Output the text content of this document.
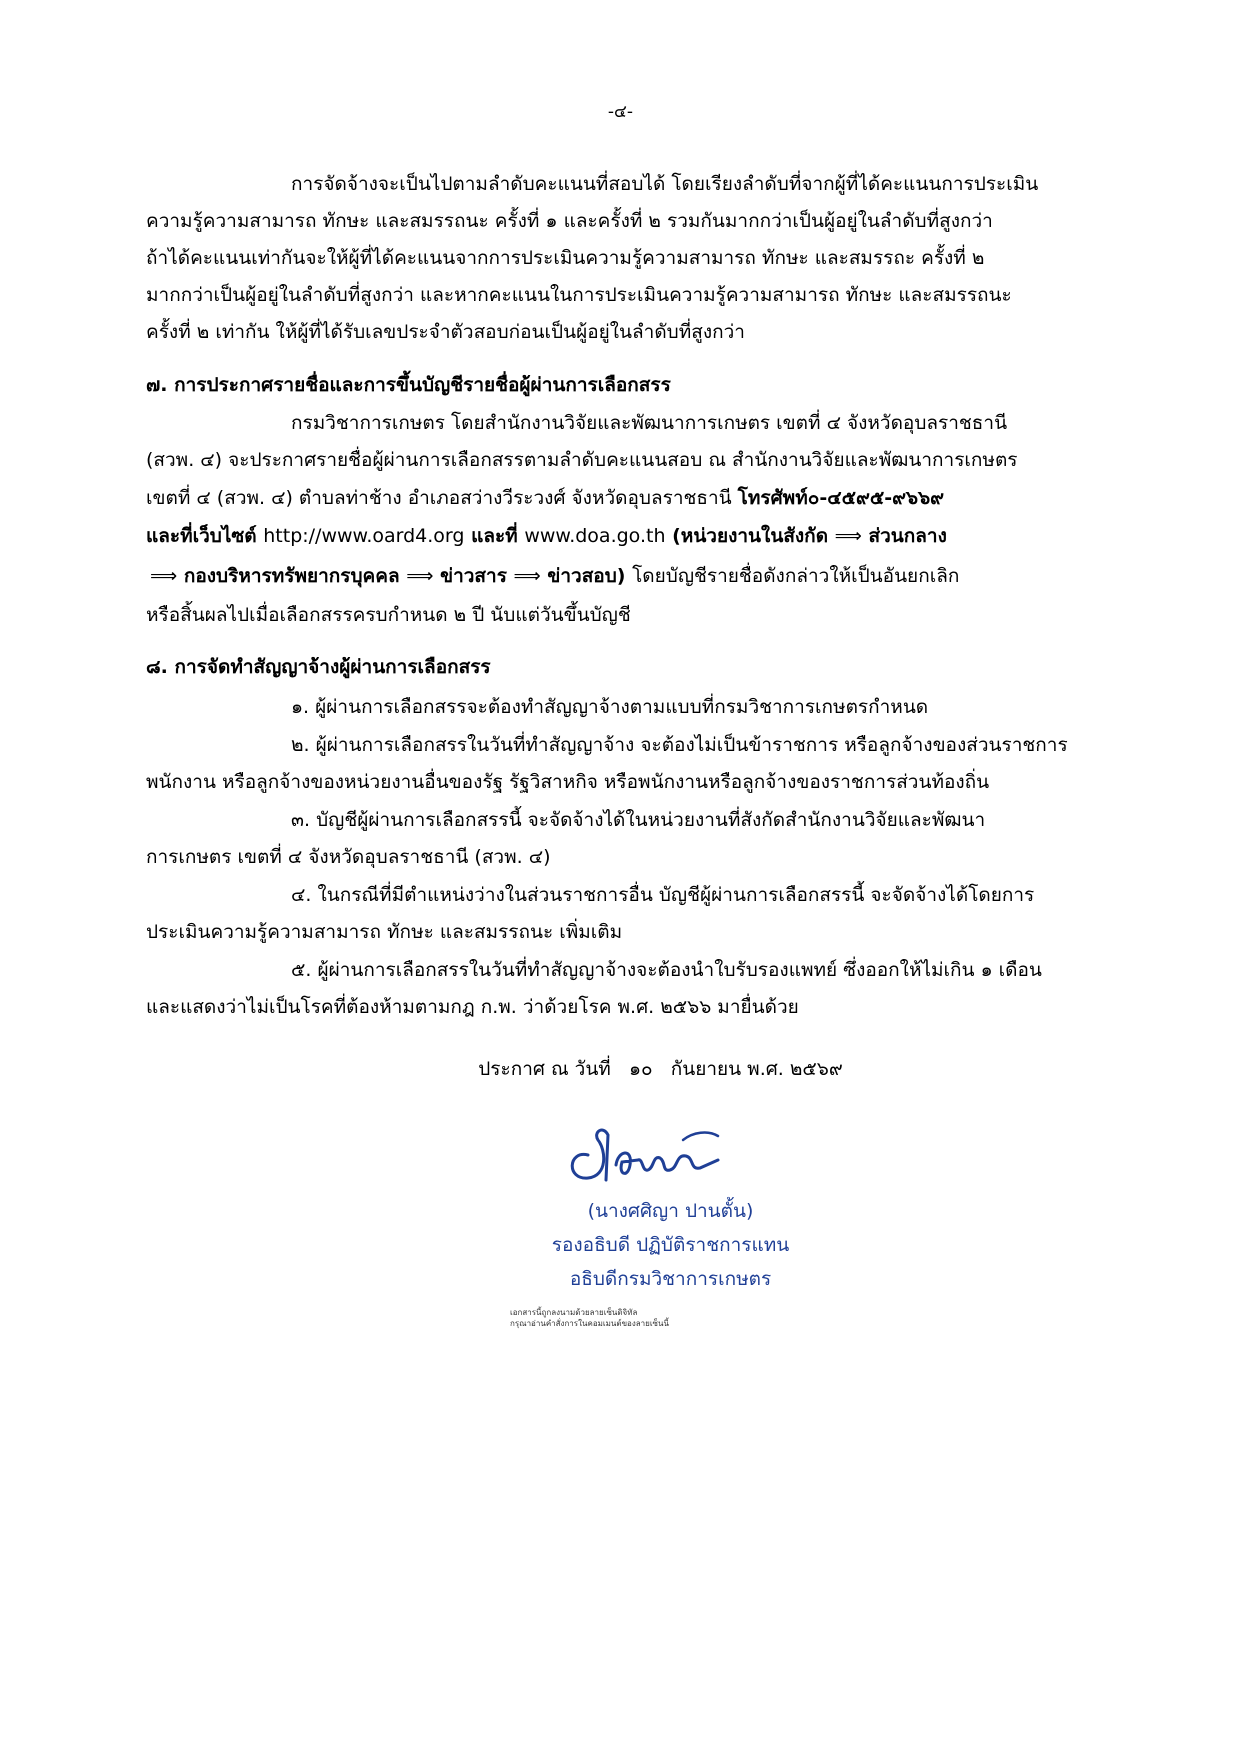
-๔-
การจัดจ้างจะเป็นไปตามลำดับคะแนนที่สอบได้ โดยเรียงลำดับที่จากผู้ที่ได้คะแนนการประเมิน
ความรู้ความสามารถ ทักษะ และสมรรถนะ ครั้งที่ ๑ และครั้งที่ ๒ รวมกันมากกว่าเป็นผู้อยู่ในลำดับที่สูงกว่า
ถ้าได้คะแนนเท่ากันจะให้ผู้ที่ได้คะแนนจากการประเมินความรู้ความสามารถ ทักษะ และสมรรถะ ครั้งที่ ๒
มากกว่าเป็นผู้อยู่ในลำดับที่สูงกว่า และหากคะแนนในการประเมินความรู้ความสามารถ ทักษะ และสมรรถนะ
ครั้งที่ ๒ เท่ากัน ให้ผู้ที่ได้รับเลขประจำตัวสอบก่อนเป็นผู้อยู่ในลำดับที่สูงกว่า
๗. การประกาศรายชื่อและการขึ้นบัญชีรายชื่อผู้ผ่านการเลือกสรร
กรมวิชาการเกษตร โดยสำนักงานวิจัยและพัฒนาการเกษตร เขตที่ ๔ จังหวัดอุบลราชธานี
(สวพ. ๔) จะประกาศรายชื่อผู้ผ่านการเลือกสรรตามลำดับคะแนนสอบ ณ สำนักงานวิจัยและพัฒนาการเกษตร
เขตที่ ๔ (สวพ. ๔) ตำบลท่าช้าง อำเภอสว่างวีระวงศ์ จังหวัดอุบลราชธานี โทรศัพท์๐-๔๕๙๕-๙๖๖๙
และที่เว็บไซต์ http://www.oard4.org และที่ www.doa.go.th (หน่วยงานในสังกัด ⟹ ส่วนกลาง
⟹ กองบริหารทรัพยากรบุคคล ⟹ ข่าวสาร ⟹ ข่าวสอบ) โดยบัญชีรายชื่อดังกล่าวให้เป็นอันยกเลิก
หรือสิ้นผลไปเมื่อเลือกสรรครบกำหนด ๒ ปี นับแต่วันขึ้นบัญชี
๘. การจัดทำสัญญาจ้างผู้ผ่านการเลือกสรร
๑. ผู้ผ่านการเลือกสรรจะต้องทำสัญญาจ้างตามแบบที่กรมวิชาการเกษตรกำหนด
๒. ผู้ผ่านการเลือกสรรในวันที่ทำสัญญาจ้าง จะต้องไม่เป็นข้าราชการ หรือลูกจ้างของส่วนราชการ
พนักงาน หรือลูกจ้างของหน่วยงานอื่นของรัฐ รัฐวิสาหกิจ หรือพนักงานหรือลูกจ้างของราชการส่วนท้องถิ่น
๓. บัญชีผู้ผ่านการเลือกสรรนี้ จะจัดจ้างได้ในหน่วยงานที่สังกัดสำนักงานวิจัยและพัฒนา
การเกษตร เขตที่ ๔ จังหวัดอุบลราชธานี (สวพ. ๔)
๔. ในกรณีที่มีตำแหน่งว่างในส่วนราชการอื่น บัญชีผู้ผ่านการเลือกสรรนี้ จะจัดจ้างได้โดยการ
ประเมินความรู้ความสามารถ ทักษะ และสมรรถนะ เพิ่มเติม
๕. ผู้ผ่านการเลือกสรรในวันที่ทำสัญญาจ้างจะต้องนำใบรับรองแพทย์ ซึ่งออกให้ไม่เกิน ๑ เดือน
และแสดงว่าไม่เป็นโรคที่ต้องห้ามตามกฎ ก.พ. ว่าด้วยโรค พ.ศ. ๒๕๖๖ มายื่นด้วย
ประกาศ ณ วันที่   ๑๐   กันยายน พ.ศ. ๒๕๖๙
(นางศศิญา ปานตั้น)
รองอธิบดี ปฏิบัติราชการแทน
อธิบดีกรมวิชาการเกษตร
เอกสารนี้ถูกลงนามด้วยลายเซ็นดิจิทัล
กรุณาอ่านคำสั่งการในคอมเมนต์ของลายเซ็นนี้
